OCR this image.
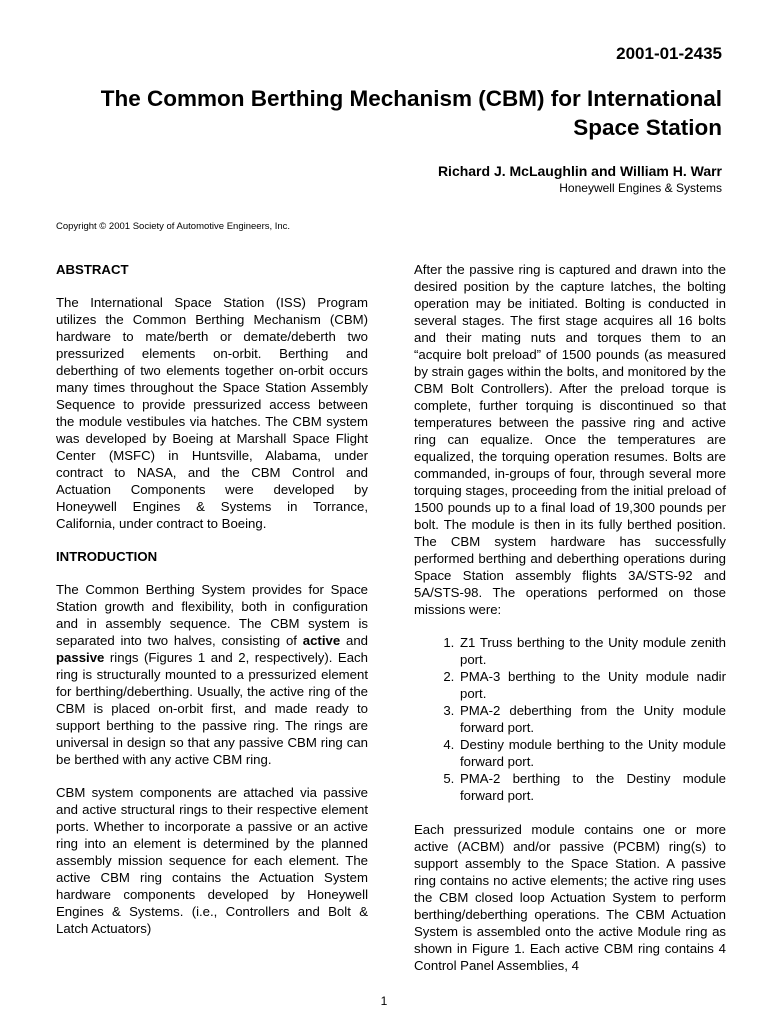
2001-01-2435
The Common Berthing Mechanism (CBM) for International Space Station
Richard J. McLaughlin and William H. Warr
Honeywell Engines & Systems
Copyright © 2001 Society of Automotive Engineers, Inc.
ABSTRACT

The International Space Station (ISS) Program utilizes the Common Berthing Mechanism (CBM) hardware to mate/berth or demate/deberth two pressurized elements on-orbit. Berthing and deberthing of two elements together on-orbit occurs many times throughout the Space Station Assembly Sequence to provide pressurized access between the module vestibules via hatches. The CBM system was developed by Boeing at Marshall Space Flight Center (MSFC) in Huntsville, Alabama, under contract to NASA, and the CBM Control and Actuation Components were developed by Honeywell Engines & Systems in Torrance, California, under contract to Boeing.

INTRODUCTION

The Common Berthing System provides for Space Station growth and flexibility, both in configuration and in assembly sequence. The CBM system is separated into two halves, consisting of active and passive rings (Figures 1 and 2, respectively). Each ring is structurally mounted to a pressurized element for berthing/deberthing. Usually, the active ring of the CBM is placed on-orbit first, and made ready to support berthing to the passive ring. The rings are universal in design so that any passive CBM ring can be berthed with any active CBM ring.

CBM system components are attached via passive and active structural rings to their respective element ports. Whether to incorporate a passive or an active ring into an element is determined by the planned assembly mission sequence for each element. The active CBM ring contains the Actuation System hardware components developed by Honeywell Engines & Systems. (i.e., Controllers and Bolt & Latch Actuators)

After the passive ring is captured and drawn into the desired position by the capture latches, the bolting operation may be initiated. Bolting is conducted in several stages. The first stage acquires all 16 bolts and their mating nuts and torques them to an “acquire bolt preload” of 1500 pounds (as measured by strain gages within the bolts, and monitored by the CBM Bolt Controllers). After the preload torque is complete, further torquing is discontinued so that temperatures between the passive ring and active ring can equalize. Once the temperatures are equalized, the torquing operation resumes. Bolts are commanded, in-groups of four, through several more torquing stages, proceeding from the initial preload of 1500 pounds up to a final load of 19,300 pounds per bolt. The module is then in its fully berthed position. The CBM system hardware has successfully performed berthing and deberthing operations during Space Station assembly flights 3A/STS-92 and 5A/STS-98. The operations performed on those missions were:

1. Z1 Truss berthing to the Unity module zenith port.
2. PMA-3 berthing to the Unity module nadir port.
3. PMA-2 deberthing from the Unity module forward port.
4. Destiny module berthing to the Unity module forward port.
5. PMA-2 berthing to the Destiny module forward port.

Each pressurized module contains one or more active (ACBM) and/or passive (PCBM) ring(s) to support assembly to the Space Station. A passive ring contains no active elements; the active ring uses the CBM closed loop Actuation System to perform berthing/deberthing operations. The CBM Actuation System is assembled onto the active Module ring as shown in Figure 1. Each active CBM ring contains 4 Control Panel Assemblies, 4

1
